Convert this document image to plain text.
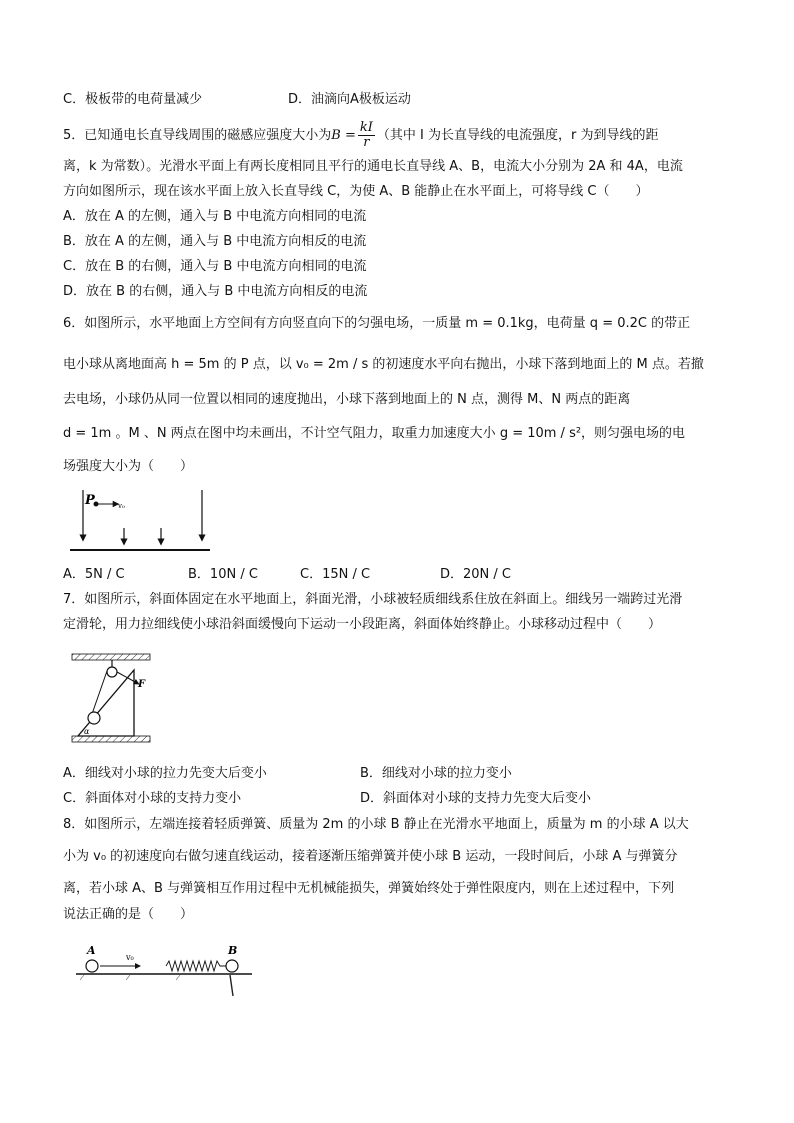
C．极板带的电荷量减少	D．油滴向A极板运动
5．已知通电长直导线周围的磁感应强度大小为$B = \frac{kI}{r}$ （其中 I 为长直导线的电流强度，r 为到导线的距
离，k 为常数）。光滑水平面上有两长度相同且平行的通电长直导线 A、B，电流大小分别为 2A 和 4A，电流
方向如图所示，现在该水平面上放入长直导线 C，为使 A、B 能静止在水平面上，可将导线 C（　　）
A．放在 A 的左侧，通入与 B 中电流方向相同的电流
B．放在 A 的左侧，通入与 B 中电流方向相反的电流
C．放在 B 的右侧，通入与 B 中电流方向相同的电流
D．放在 B 的右侧，通入与 B 中电流方向相反的电流
6．如图所示，水平地面上方空间有方向竖直向下的匀强电场，一质量 m = 0.1kg，电荷量 q = 0.2C 的带正
电小球从离地面高 h = 5m 的 P 点，以 v₀ = 2m / s 的初速度水平向右抛出，小球下落到地面上的 M 点。若撤
去电场，小球仍从同一位置以相同的速度抛出，小球下落到地面上的 N 点，测得 M、N 两点的距离
d = 1m 。M 、N 两点在图中均未画出，不计空气阻力，取重力加速度大小 g = 10m / s²，则匀强电场的电
场强度大小为（　　）
P	v₀
A．5N / C	B．10N / C	C．15N / C	D．20N / C
7．如图所示，斜面体固定在水平地面上，斜面光滑，小球被轻质细线系住放在斜面上。细线另一端跨过光滑
定滑轮，用力拉细线使小球沿斜面缓慢向下运动一小段距离，斜面体始终静止。小球移动过程中（　　）
F
α
A．细线对小球的拉力先变大后变小	B．细线对小球的拉力变小
C．斜面体对小球的支持力变小	D．斜面体对小球的支持力先变大后变小
8．如图所示，左端连接着轻质弹簧、质量为 2m 的小球 B 静止在光滑水平地面上，质量为 m 的小球 A 以大
小为 v₀ 的初速度向右做匀速直线运动，接着逐渐压缩弹簧并使小球 B 运动，一段时间后，小球 A 与弹簧分
离，若小球 A、B 与弹簧相互作用过程中无机械能损失，弹簧始终处于弹性限度内，则在上述过程中，下列
说法正确的是（　　）
A	B
v₀
